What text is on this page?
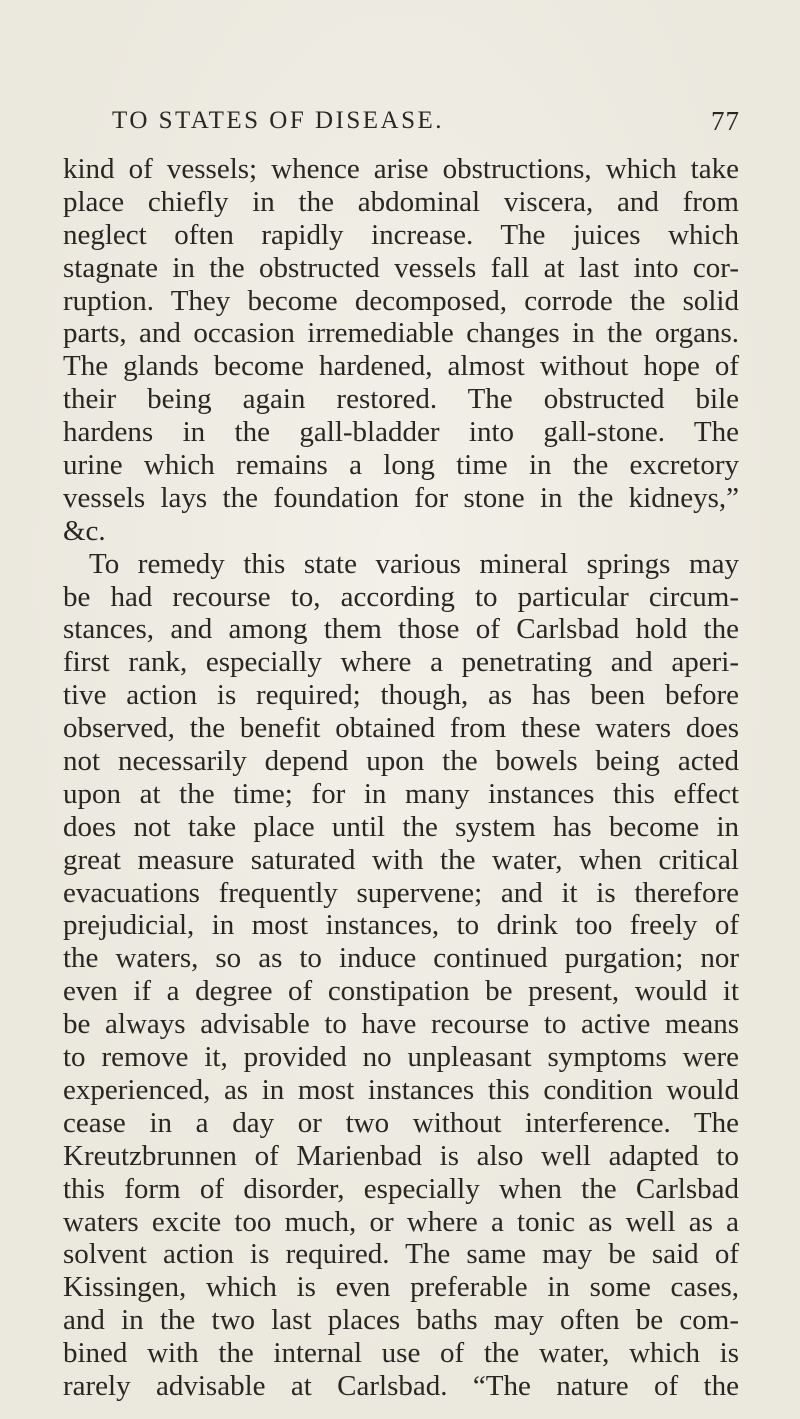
TO STATES OF DISEASE.	77
kind of vessels; whence arise obstructions, which take
place chiefly in the abdominal viscera, and from
neglect often rapidly increase. The juices which
stagnate in the obstructed vessels fall at last into cor-
ruption. They become decomposed, corrode the solid
parts, and occasion irremediable changes in the organs.
The glands become hardened, almost without hope of
their being again restored. The obstructed bile
hardens in the gall-bladder into gall-stone. The
urine which remains a long time in the excretory
vessels lays the foundation for stone in the kidneys,”
&c.
To remedy this state various mineral springs may
be had recourse to, according to particular circum-
stances, and among them those of Carlsbad hold the
first rank, especially where a penetrating and aperi-
tive action is required; though, as has been before
observed, the benefit obtained from these waters does
not necessarily depend upon the bowels being acted
upon at the time; for in many instances this effect
does not take place until the system has become in
great measure saturated with the water, when critical
evacuations frequently supervene; and it is therefore
prejudicial, in most instances, to drink too freely of
the waters, so as to induce continued purgation; nor
even if a degree of constipation be present, would it
be always advisable to have recourse to active means
to remove it, provided no unpleasant symptoms were
experienced, as in most instances this condition would
cease in a day or two without interference. The
Kreutzbrunnen of Marienbad is also well adapted to
this form of disorder, especially when the Carlsbad
waters excite too much, or where a tonic as well as a
solvent action is required. The same may be said of
Kissingen, which is even preferable in some cases,
and in the two last places baths may often be com-
bined with the internal use of the water, which is
rarely advisable at Carlsbad. “The nature of the
